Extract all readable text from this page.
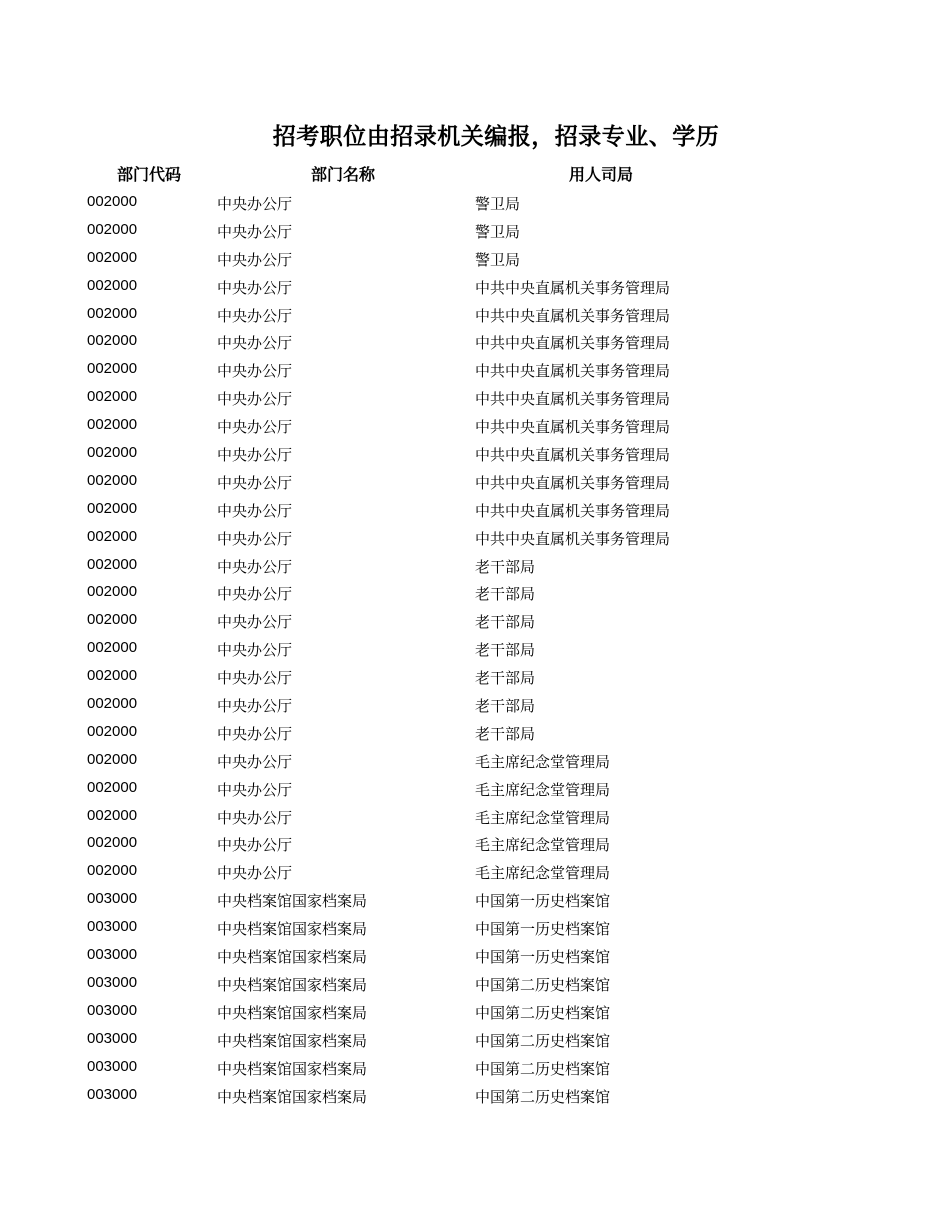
招考职位由招录机关编报，招录专业、学历
部门代码	部门名称	用人司局
002000	中央办公厅	警卫局
002000	中央办公厅	警卫局
002000	中央办公厅	警卫局
002000	中央办公厅	中共中央直属机关事务管理局
002000	中央办公厅	中共中央直属机关事务管理局
002000	中央办公厅	中共中央直属机关事务管理局
002000	中央办公厅	中共中央直属机关事务管理局
002000	中央办公厅	中共中央直属机关事务管理局
002000	中央办公厅	中共中央直属机关事务管理局
002000	中央办公厅	中共中央直属机关事务管理局
002000	中央办公厅	中共中央直属机关事务管理局
002000	中央办公厅	中共中央直属机关事务管理局
002000	中央办公厅	中共中央直属机关事务管理局
002000	中央办公厅	老干部局
002000	中央办公厅	老干部局
002000	中央办公厅	老干部局
002000	中央办公厅	老干部局
002000	中央办公厅	老干部局
002000	中央办公厅	老干部局
002000	中央办公厅	老干部局
002000	中央办公厅	毛主席纪念堂管理局
002000	中央办公厅	毛主席纪念堂管理局
002000	中央办公厅	毛主席纪念堂管理局
002000	中央办公厅	毛主席纪念堂管理局
002000	中央办公厅	毛主席纪念堂管理局
003000	中央档案馆国家档案局	中国第一历史档案馆
003000	中央档案馆国家档案局	中国第一历史档案馆
003000	中央档案馆国家档案局	中国第一历史档案馆
003000	中央档案馆国家档案局	中国第二历史档案馆
003000	中央档案馆国家档案局	中国第二历史档案馆
003000	中央档案馆国家档案局	中国第二历史档案馆
003000	中央档案馆国家档案局	中国第二历史档案馆
003000	中央档案馆国家档案局	中国第二历史档案馆
